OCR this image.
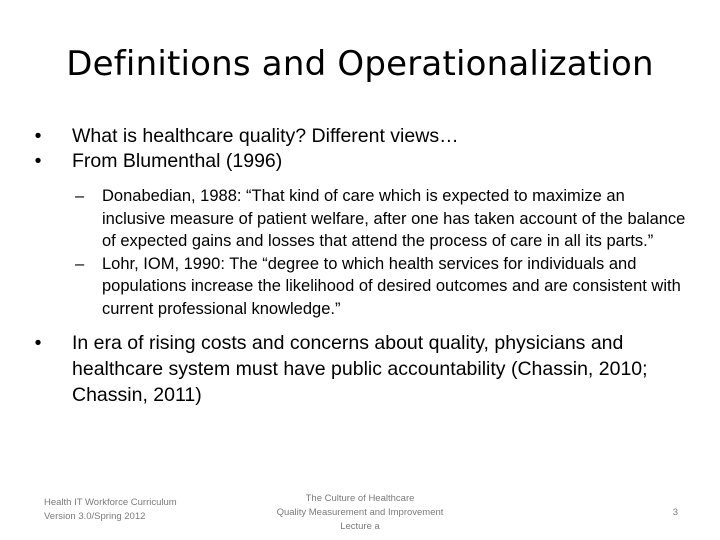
Definitions and Operationalization
•	What is healthcare quality? Different views…
•	From Blumenthal (1996)
– Donabedian, 1988: “That kind of care which is expected to maximize an inclusive measure of patient welfare, after one has taken account of the balance of expected gains and losses that attend the process of care in all its parts.”
– Lohr, IOM, 1990: The “degree to which health services for individuals and populations increase the likelihood of desired outcomes and are consistent with current professional knowledge.”
•	In era of rising costs and concerns about quality, physicians and healthcare system must have public accountability (Chassin, 2010; Chassin, 2011)
Health IT Workforce Curriculum
Version 3.0/Spring 2012
The Culture of Healthcare
Quality Measurement and Improvement
Lecture a
3
